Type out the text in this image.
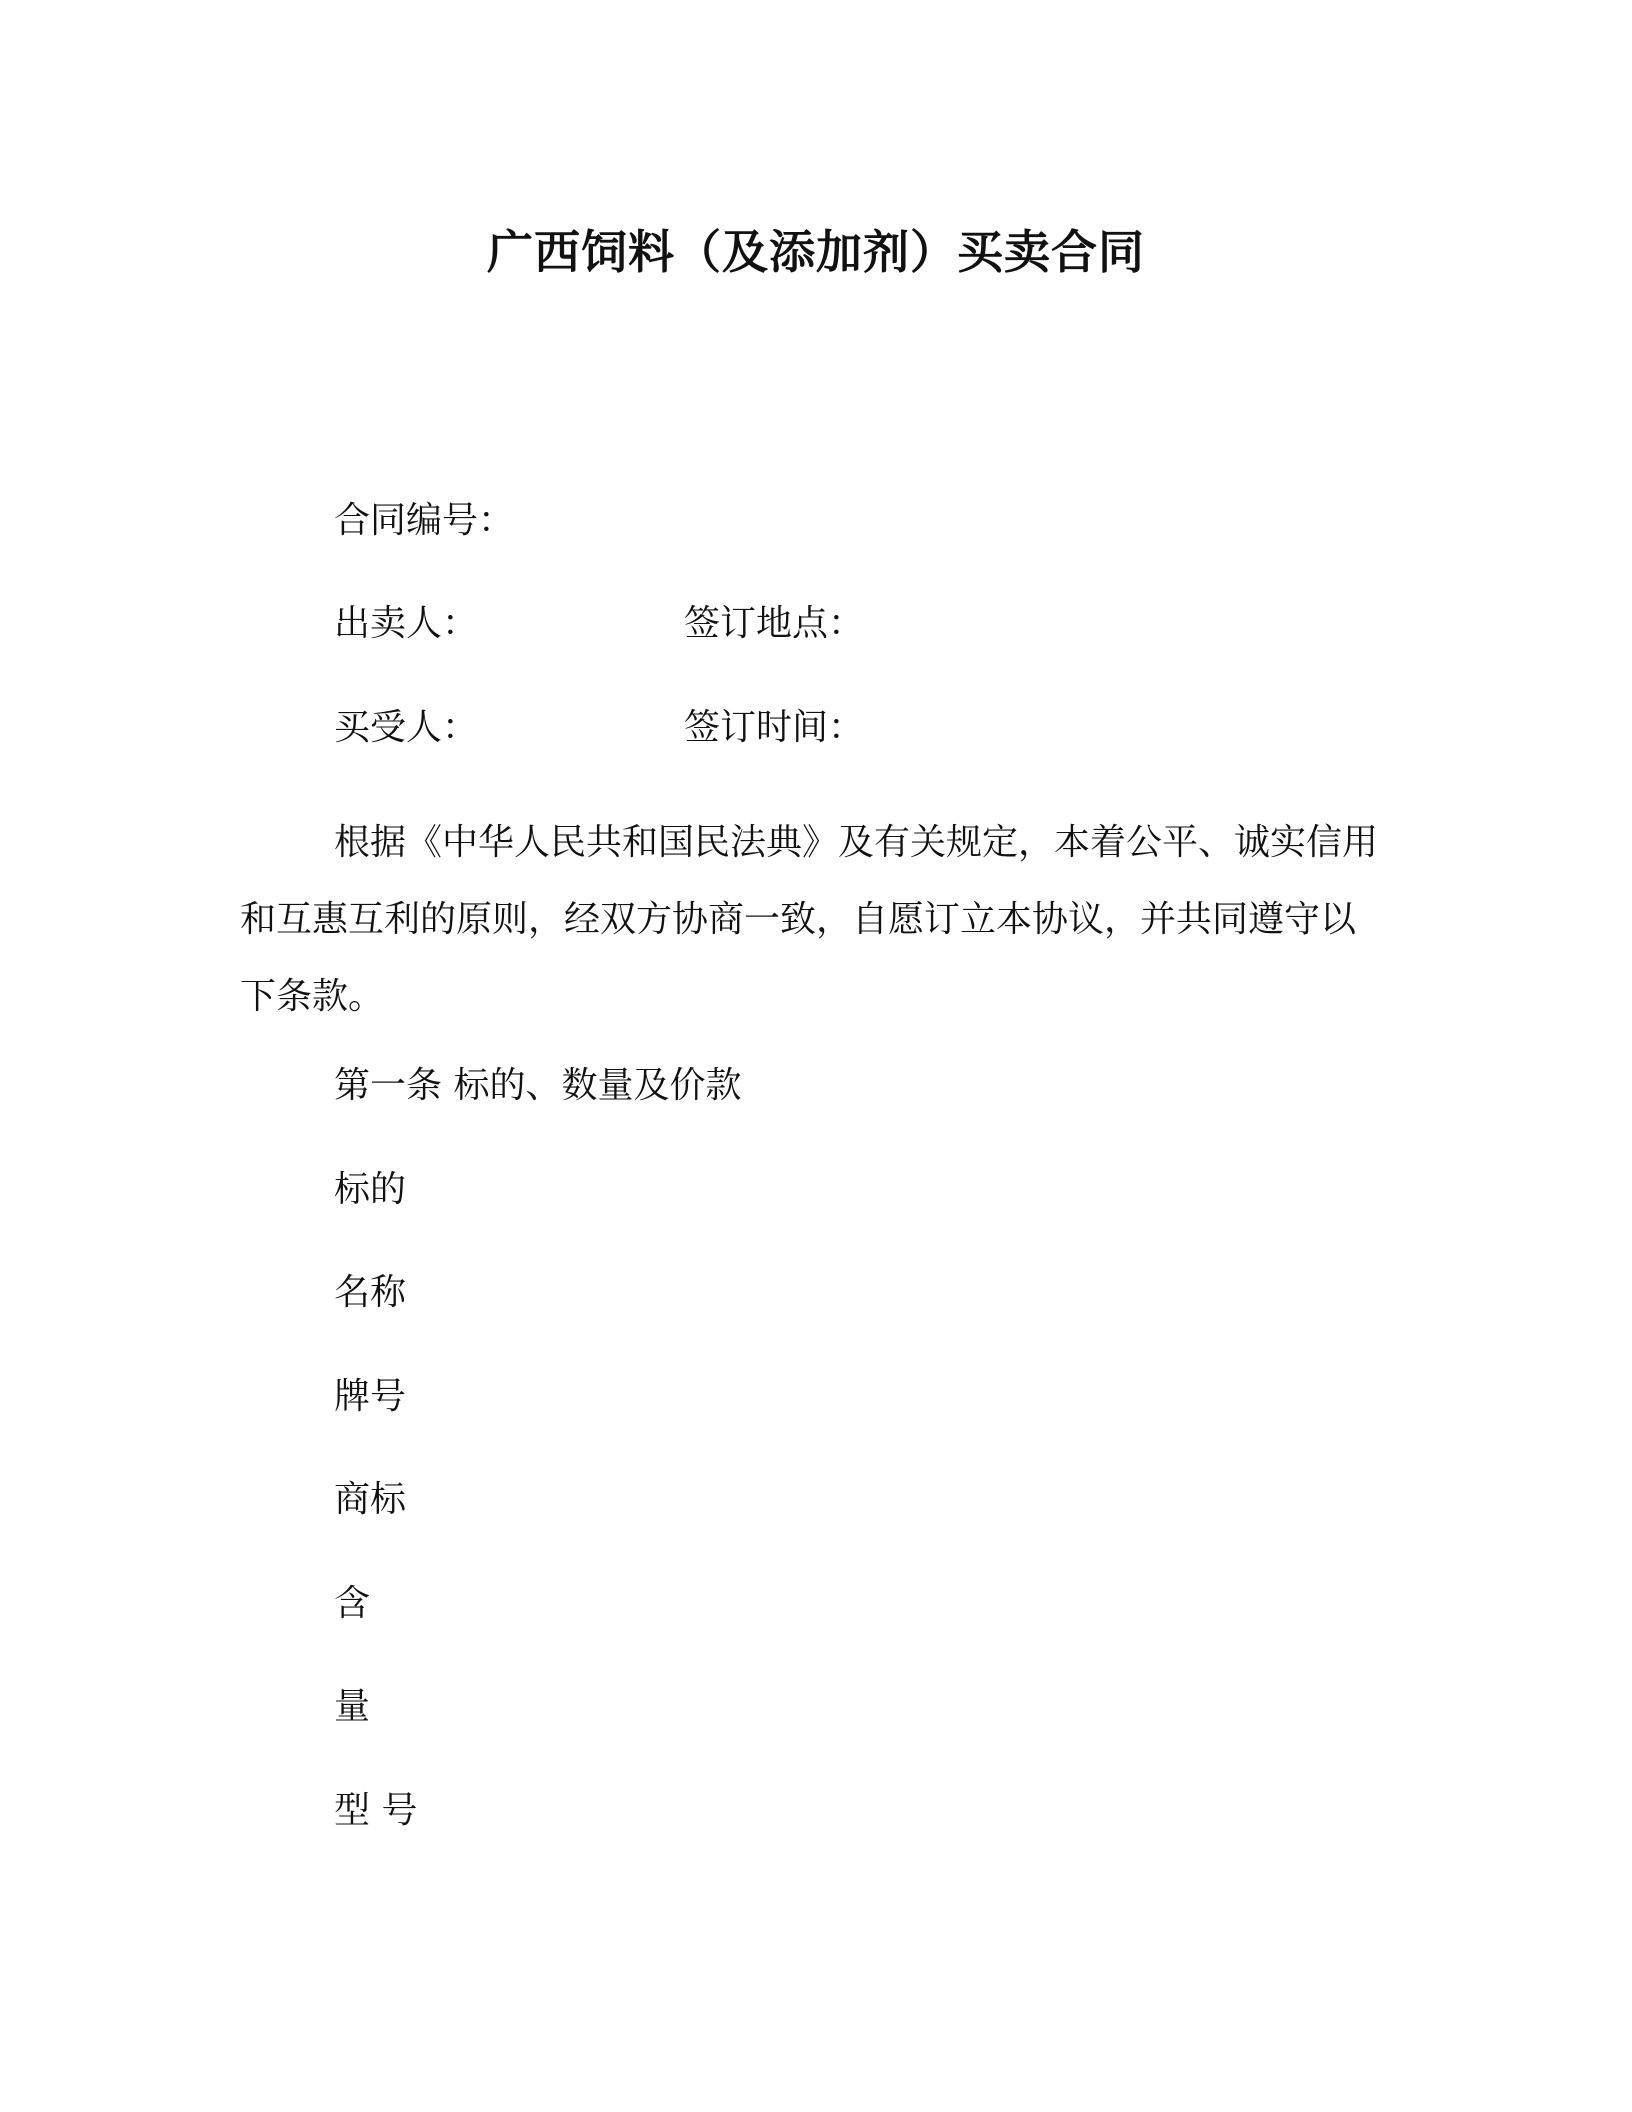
广西饲料（及添加剂）买卖合同
合同编号：
出卖人：	签订地点：
买受人：	签订时间：
根据《中华人民共和国民法典》及有关规定，本着公平、诚实信用和互惠互利的原则，经双方协商一致，自愿订立本协议，并共同遵守以下条款。
第一条 标的、数量及价款
标的
名称
牌号
商标
含
量
型 号
